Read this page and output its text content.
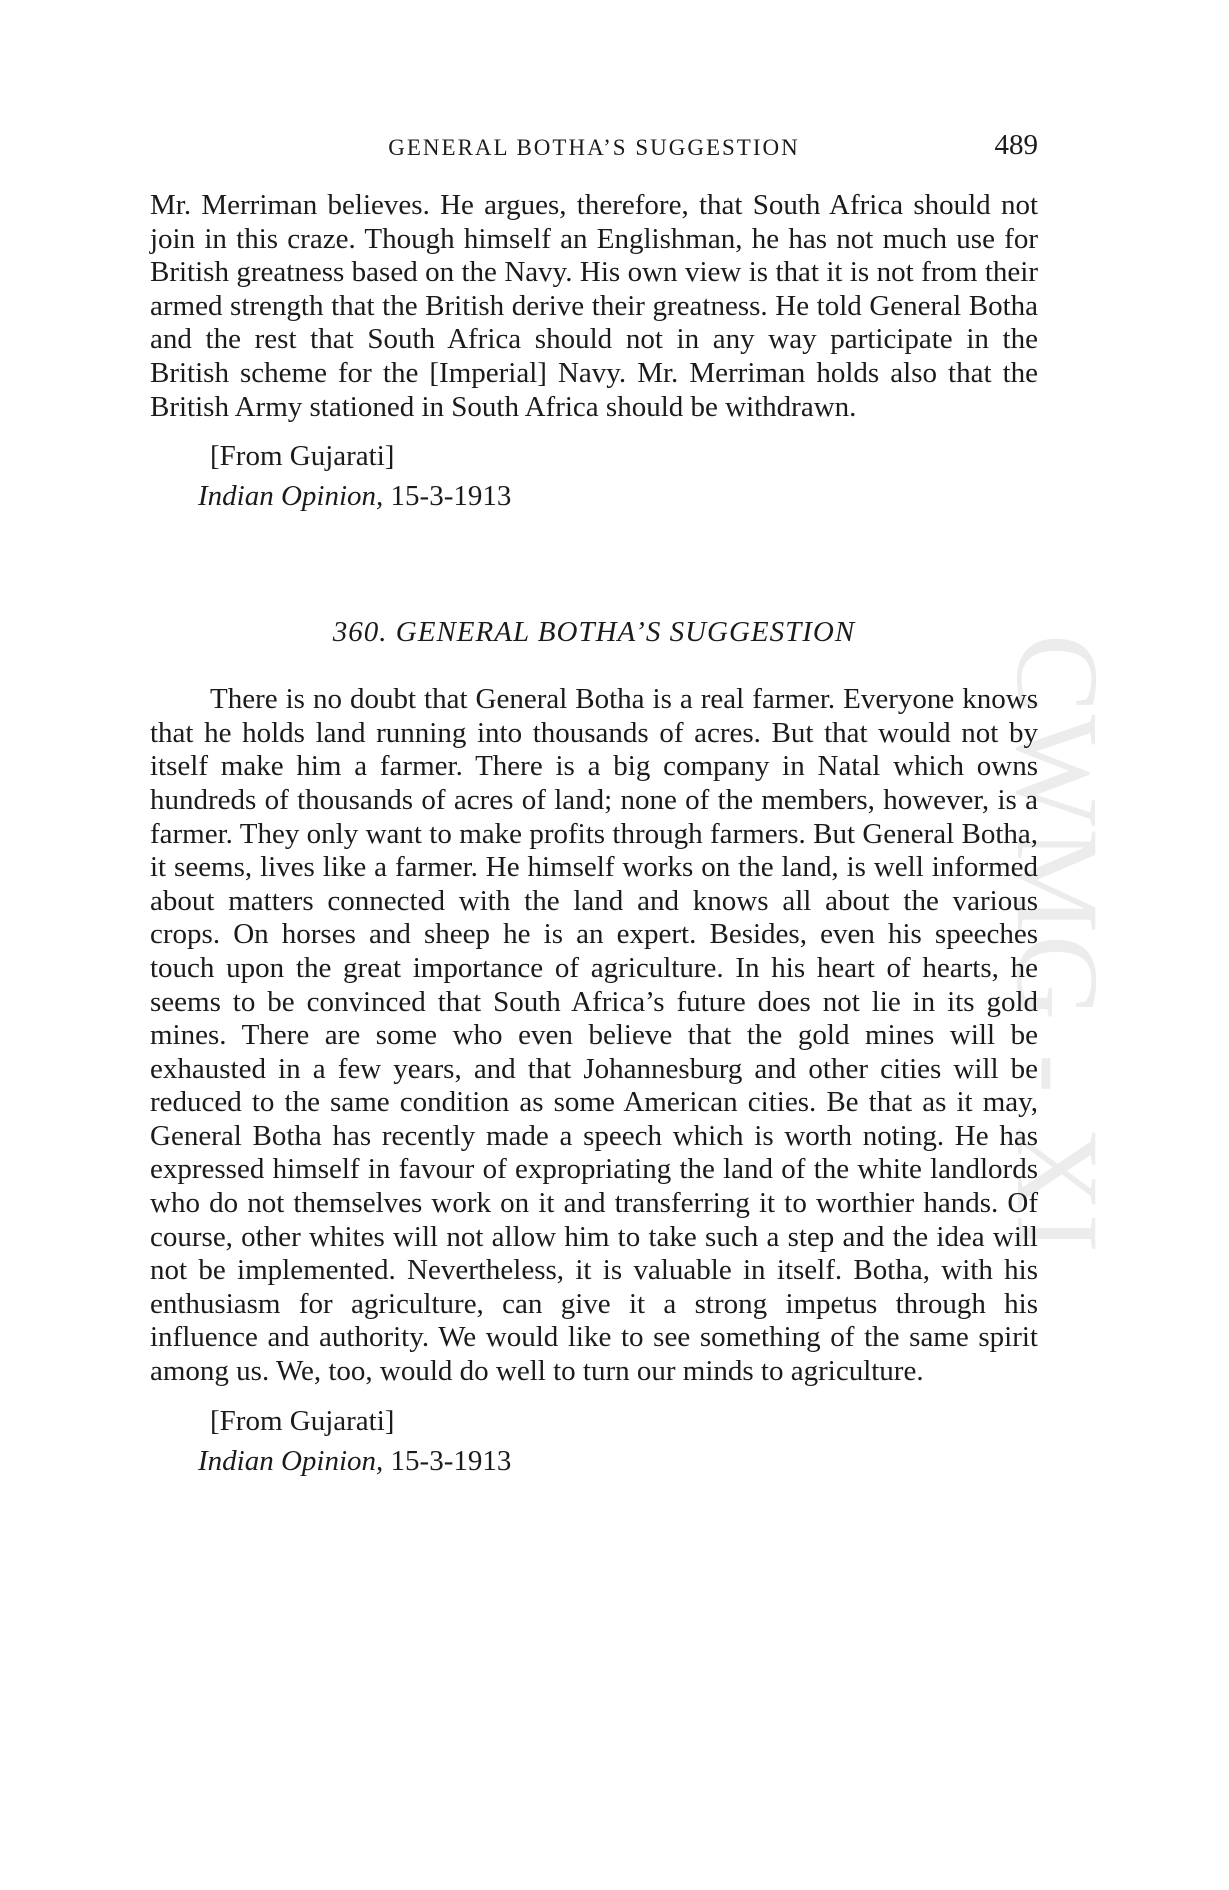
CWMG - XI
GENERAL BOTHA’S SUGGESTION	489

Mr. Merriman believes. He argues, therefore, that South Africa should not join in this craze. Though himself an Englishman, he has not much use for British greatness based on the Navy. His own view is that it is not from their armed strength that the British derive their greatness. He told General Botha and the rest that South Africa should not in any way participate in the British scheme for the [Imperial] Navy. Mr. Merriman holds also that the British Army stationed in South Africa should be withdrawn.

[From Gujarati]
Indian Opinion, 15-3-1913
360. GENERAL BOTHA’S SUGGESTION

There is no doubt that General Botha is a real farmer. Everyone knows that he holds land running into thousands of acres. But that would not by itself make him a farmer. There is a big company in Natal which owns hundreds of thousands of acres of land; none of the members, however, is a farmer. They only want to make profits through farmers. But General Botha, it seems, lives like a farmer. He himself works on the land, is well informed about matters connected with the land and knows all about the various crops. On horses and sheep he is an expert. Besides, even his speeches touch upon the great importance of agriculture. In his heart of hearts, he seems to be convinced that South Africa’s future does not lie in its gold mines. There are some who even believe that the gold mines will be exhausted in a few years, and that Johannesburg and other cities will be reduced to the same condition as some American cities. Be that as it may, General Botha has recently made a speech which is worth noting. He has expressed himself in favour of expropriating the land of the white landlords who do not themselves work on it and transferring it to worthier hands. Of course, other whites will not allow him to take such a step and the idea will not be implemented. Nevertheless, it is valuable in itself. Botha, with his enthusiasm for agriculture, can give it a strong impetus through his influence and authority. We would like to see something of the same spirit among us. We, too, would do well to turn our minds to agriculture.

[From Gujarati]
Indian Opinion, 15-3-1913
